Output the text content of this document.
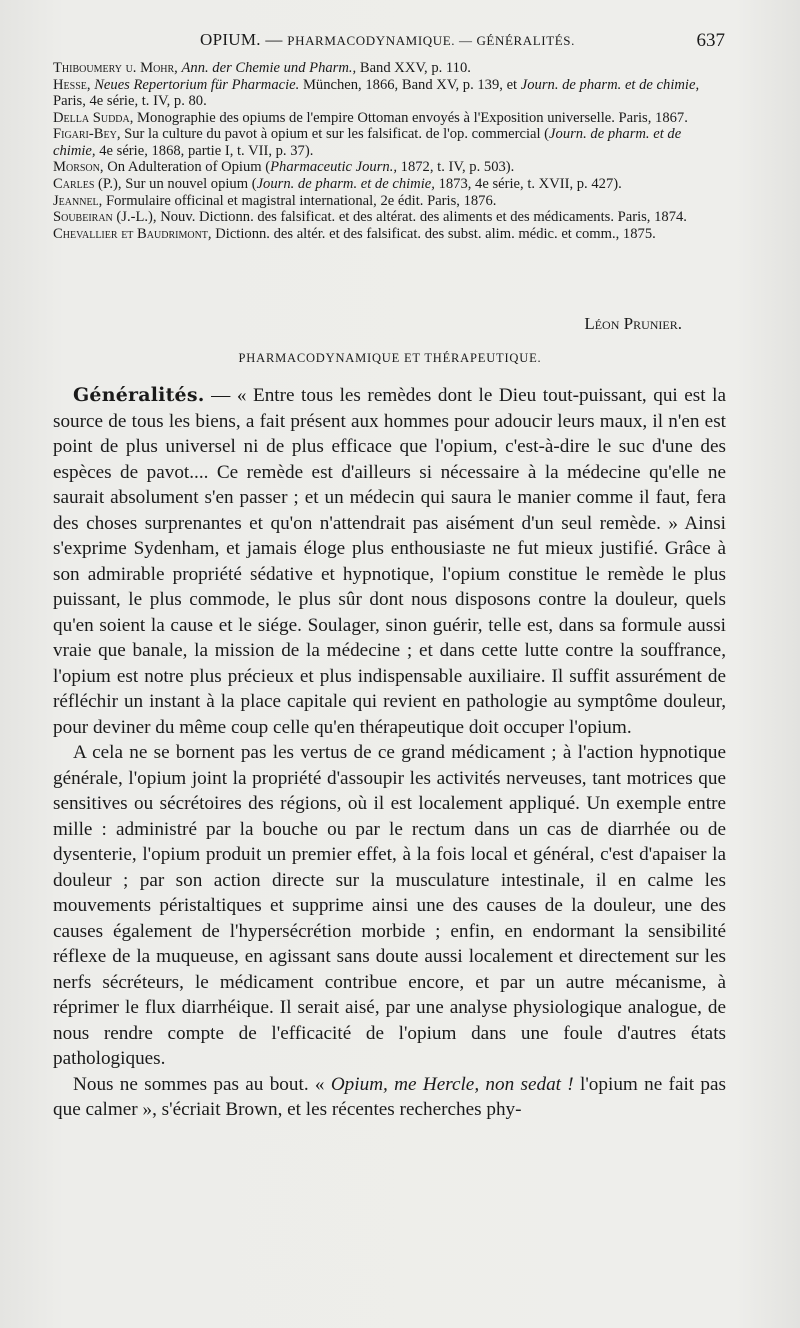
OPIUM. — PHARMACODYNAMIQUE. — GÉNÉRALITÉS.	637
Thiboumery u. Mohr, Ann. der Chemie und Pharm., Band XXV, p. 110.
Hesse, Neues Repertorium für Pharmacie. München, 1866, Band XV, p. 139, et Journ. de pharm. et de chimie, Paris, 4e série, t. IV, p. 80.
Della Sudda, Monographie des opiums de l'empire Ottoman envoyés à l'Exposition universelle. Paris, 1867.
Figari-Bey, Sur la culture du pavot à opium et sur les falsificat. de l'op. commercial (Journ. de pharm. et de chimie, 4e série, 1868, partie I, t. VII, p. 37).
Morson, On Adulteration of Opium (Pharmaceutic Journ., 1872, t. IV, p. 503).
Carles (P.), Sur un nouvel opium (Journ. de pharm. et de chimie, 1873, 4e série, t. XVII, p. 427).
Jeannel, Formulaire officinal et magistral international, 2e édit. Paris, 1876.
Soubeiran (J.-L.), Nouv. Dictionn. des falsificat. et des altérat. des aliments et des médicaments. Paris, 1874.
Chevallier et Baudrimont, Dictionn. des altér. et des falsificat. des subst. alim. médic. et comm., 1875.
Léon Prunier.
PHARMACODYNAMIQUE ET THÉRAPEUTIQUE.

Généralités. — « Entre tous les remèdes dont le Dieu tout-puissant, qui est la source de tous les biens, a fait présent aux hommes pour adoucir leurs maux, il n'en est point de plus universel ni de plus efficace que l'opium, c'est-à-dire le suc d'une des espèces de pavot.... Ce remède est d'ailleurs si nécessaire à la médecine qu'elle ne saurait absolument s'en passer ; et un médecin qui saura le manier comme il faut, fera des choses surprenantes et qu'on n'attendrait pas aisément d'un seul remède. » Ainsi s'exprime Sydenham, et jamais éloge plus enthousiaste ne fut mieux justifié. Grâce à son admirable propriété sédative et hypnotique, l'opium constitue le remède le plus puissant, le plus commode, le plus sûr dont nous disposons contre la douleur, quels qu'en soient la cause et le siége. Soulager, sinon guérir, telle est, dans sa formule aussi vraie que banale, la mission de la médecine ; et dans cette lutte contre la souffrance, l'opium est notre plus précieux et plus indispensable auxiliaire. Il suffit assurément de réfléchir un instant à la place capitale qui revient en pathologie au symptôme douleur, pour deviner du même coup celle qu'en thérapeutique doit occuper l'opium.

A cela ne se bornent pas les vertus de ce grand médicament ; à l'action hypnotique générale, l'opium joint la propriété d'assoupir les activités nerveuses, tant motrices que sensitives ou sécrétoires des régions, où il est localement appliqué. Un exemple entre mille : administré par la bouche ou par le rectum dans un cas de diarrhée ou de dysenterie, l'opium produit un premier effet, à la fois local et général, c'est d'apaiser la douleur ; par son action directe sur la musculature intestinale, il en calme les mouvements péristaltiques et supprime ainsi une des causes de la douleur, une des causes également de l'hypersécrétion morbide ; enfin, en endormant la sensibilité réflexe de la muqueuse, en agissant sans doute aussi localement et directement sur les nerfs sécréteurs, le médicament contribue encore, et par un autre mécanisme, à réprimer le flux diarrhéique. Il serait aisé, par une analyse physiologique analogue, de nous rendre compte de l'efficacité de l'opium dans une foule d'autres états pathologiques.

Nous ne sommes pas au bout. « Opium, me Hercle, non sedat ! l'opium ne fait pas que calmer », s'écriait Brown, et les récentes recherches phy-
